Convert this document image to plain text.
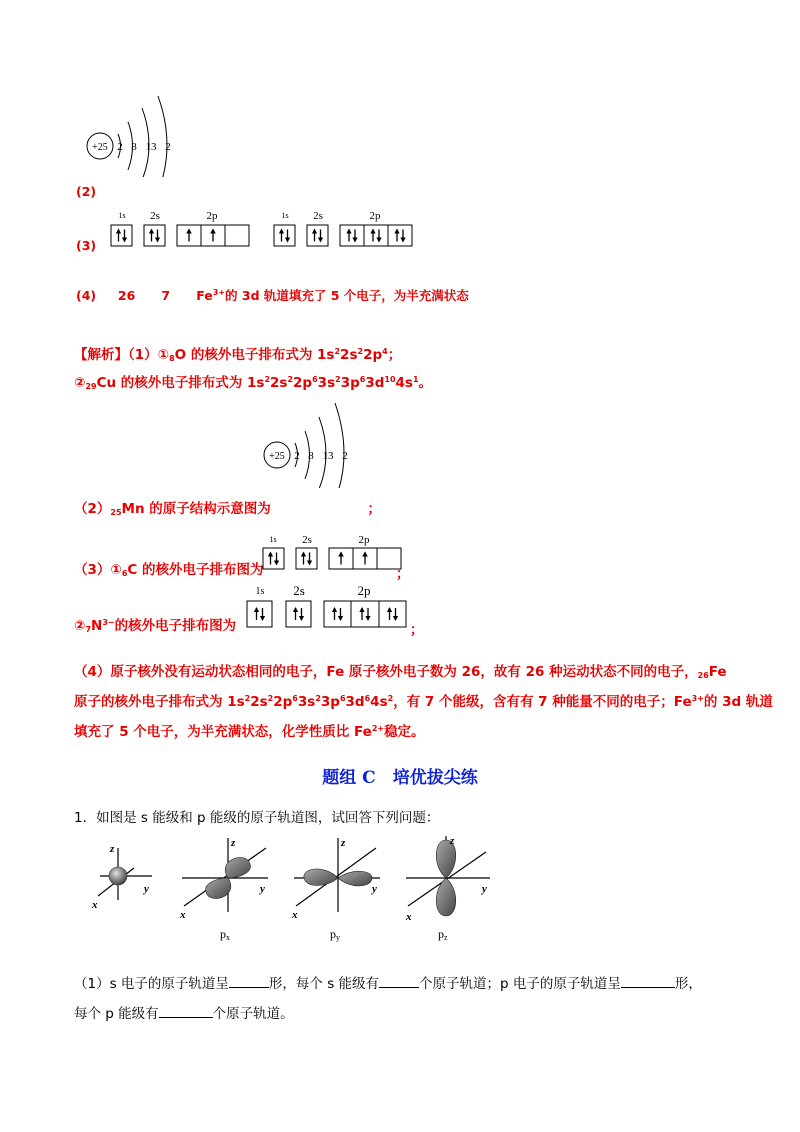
+25 2 8 13 2
(2)
(3)
1s 2s	2p	1s 2s	2p
(4) 26 7 $Fe^{3+}$的 3d 轨道填充了 5 个电子，为半充满状态
【解析】$(1)①_8O$ 的核外电子排布式为 $1s^22s^22p^4$；
$②_{29}Cu$ 的核外电子排布式为 $1s^22s^22p^63s^23p^63d^{10}4s^1$。
+25 2 8 13 2
$(2)_{25}Mn$ 的原子结构示意图为	；
$(3)①_6C$ 的核外电子排布图为
1s 2s	2p
；
$②_7N^{3-}$的核外电子排布图为
1s 2s	2p
；
（4）原子核外没有运动状态相同的电子，Fe 原子核外电子数为 26，故有 26 种运动状态不同的电子，$_{26}$Fe
原子的核外电子排布式为 $1s^22s^22p^63s^23p^63d^64s^2$，有 7 个能级，含有有 7 种能量不同的电子；$Fe^{3+}$的 3d 轨道
填充了 5 个电子，为半充满状态，化学性质比 $Fe^{2+}$稳定。
题组 C　培优拔尖练
1．如图是 s 能级和 p 能级的原子轨道图，试回答下列问题：
z
y
x
z
y
x
px
z
y
x
py
z
y
x
pz
（1）s 电子的原子轨道呈	形，每个 s 能级有	个原子轨道；p 电子的原子轨道呈	形，
每个 p 能级有	个原子轨道。
